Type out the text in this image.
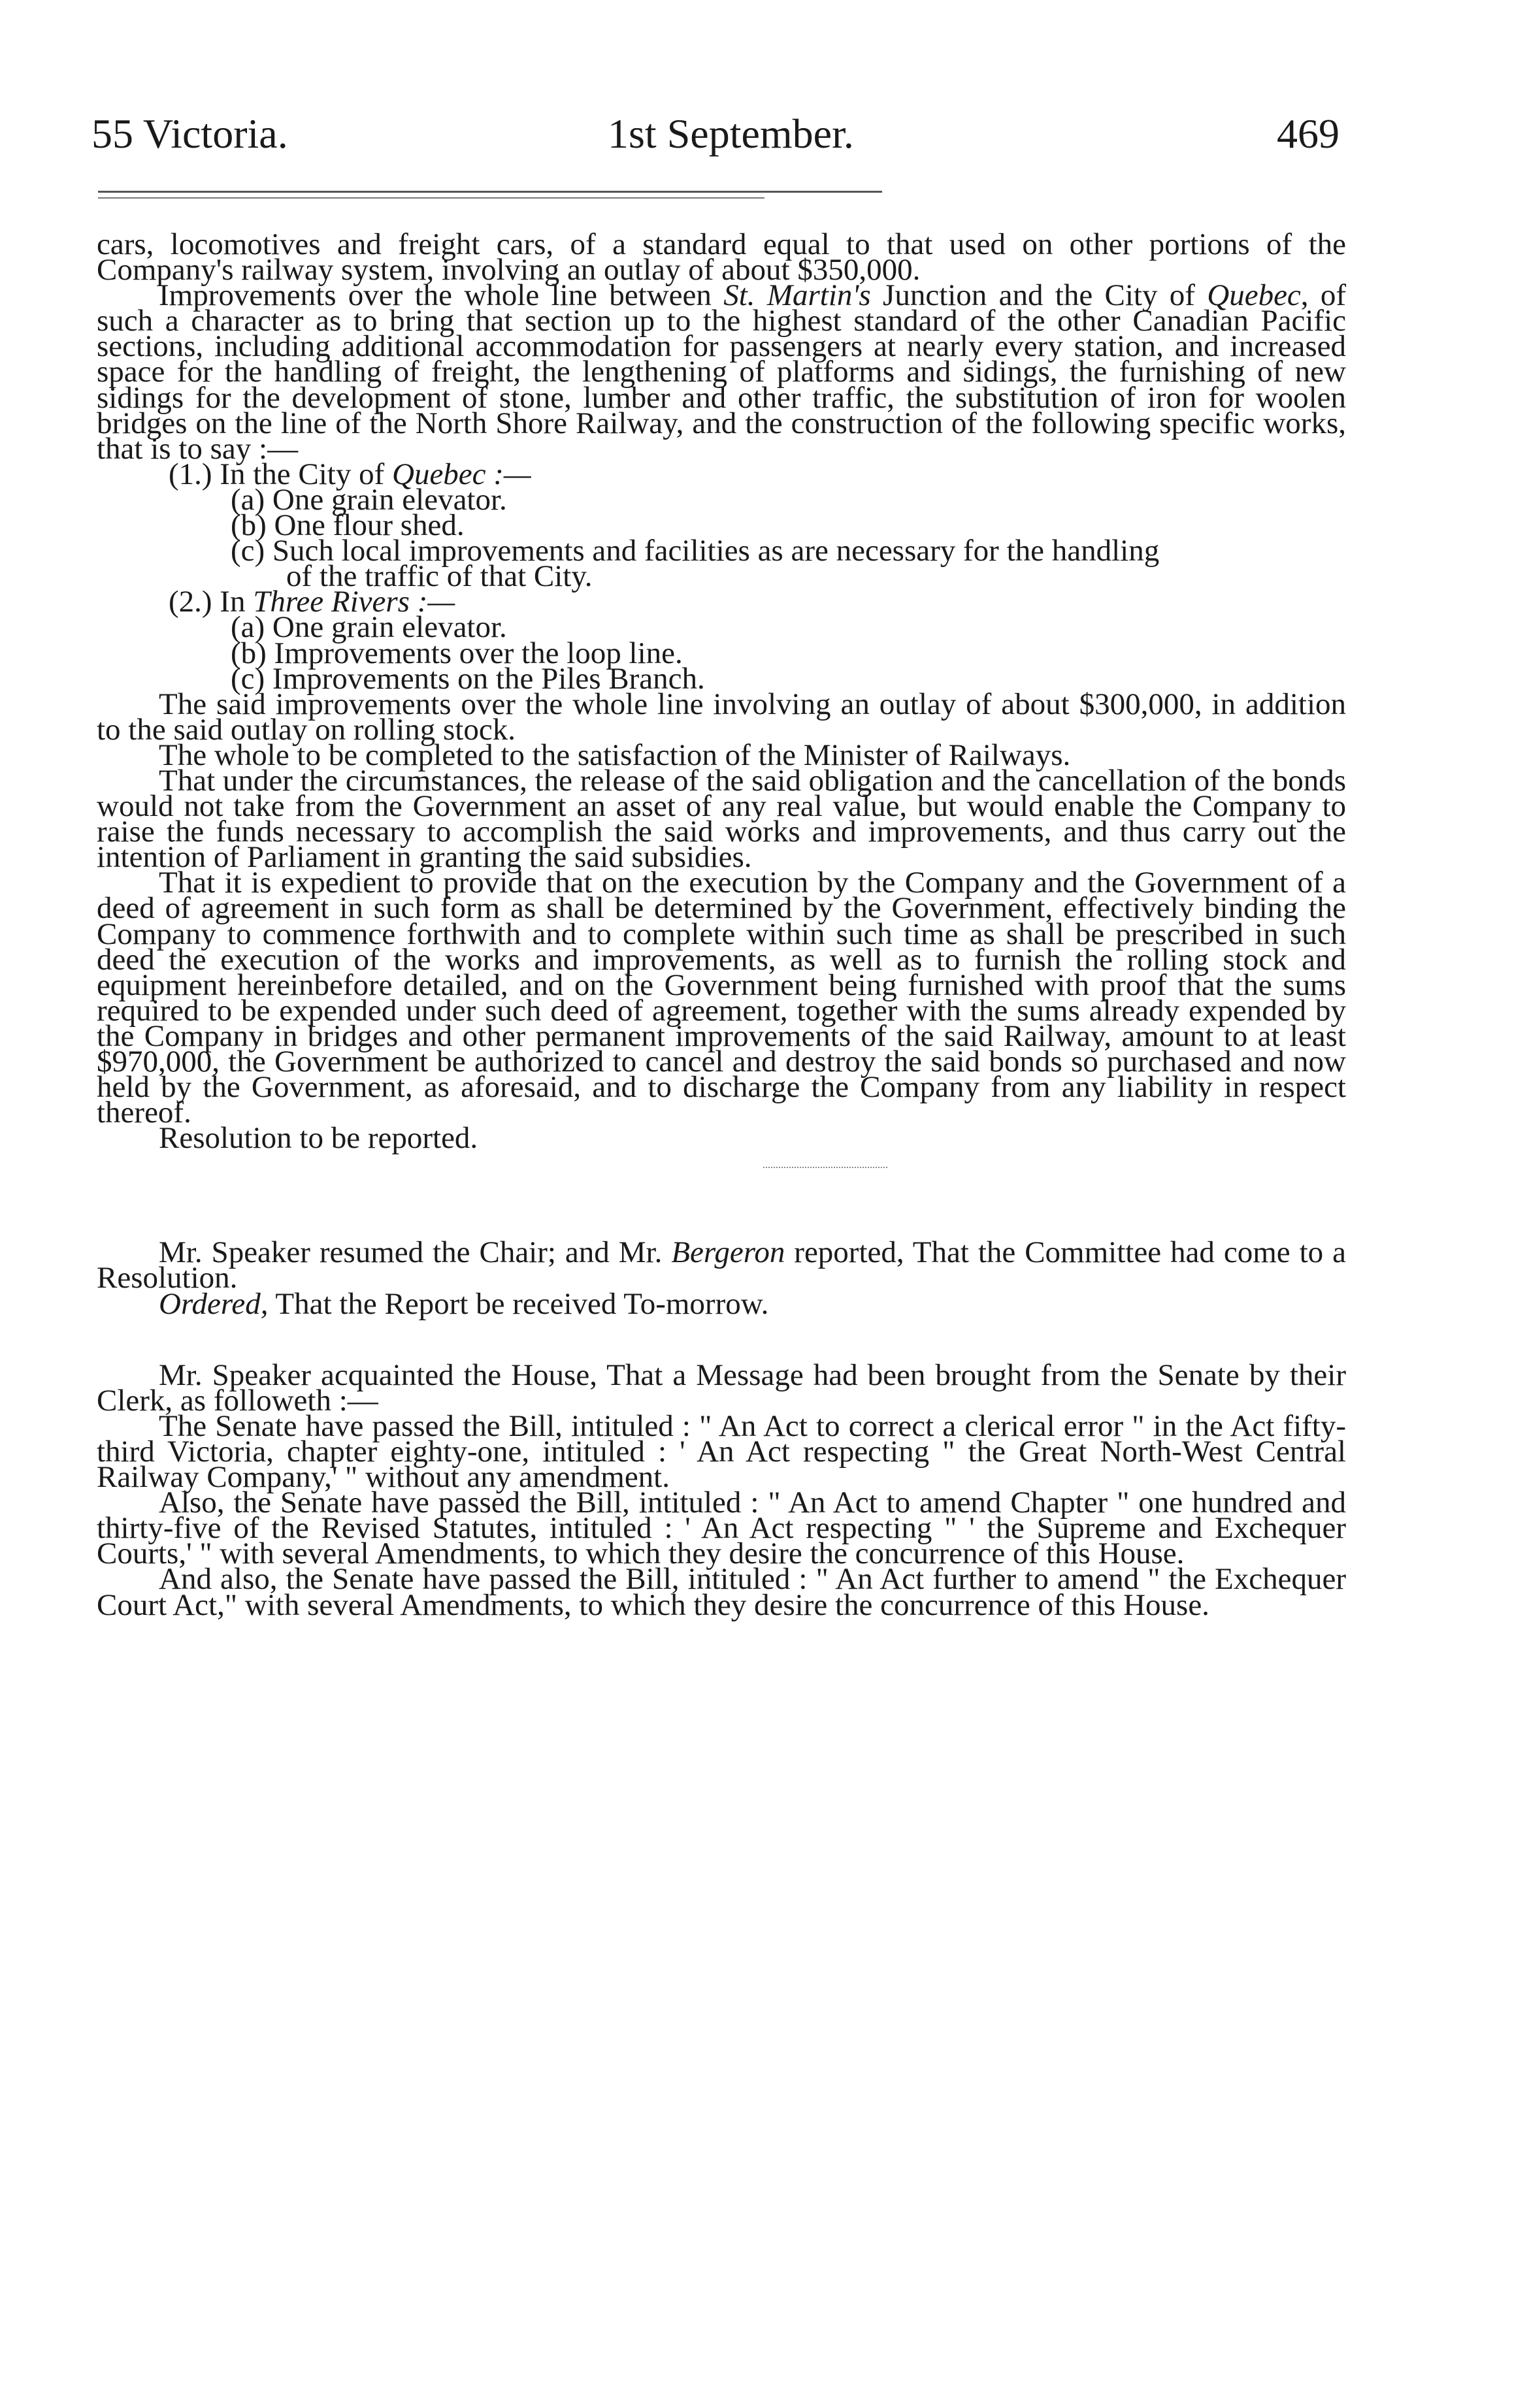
55 Victoria.	1st September.	469

cars, locomotives and freight cars, of a standard equal to that used on other portions of the Company's railway system, involving an outlay of about $350,000.

Improvements over the whole line between St. Martin's Junction and the City of Quebec, of such a character as to bring that section up to the highest standard of the other Canadian Pacific sections, including additional accommodation for passengers at nearly every station, and increased space for the handling of freight, the lengthening of platforms and sidings, the furnishing of new sidings for the development of stone, lumber and other traffic, the substitution of iron for woolen bridges on the line of the North Shore Railway, and the construction of the following specific works, that is to say :—

(1.) In the City of Quebec :—

(a) One grain elevator.

(b) One flour shed.

(c) Such local improvements and facilities as are necessary for the handling
of the traffic of that City.

(2.) In Three Rivers :—

(a) One grain elevator.

(b) Improvements over the loop line.

(c) Improvements on the Piles Branch.

The said improvements over the whole line involving an outlay of about $300,000, in addition to the said outlay on rolling stock.

The whole to be completed to the satisfaction of the Minister of Railways.

That under the circumstances, the release of the said obligation and the cancellation of the bonds would not take from the Government an asset of any real value, but would enable the Company to raise the funds necessary to accomplish the said works and improvements, and thus carry out the intention of Parliament in granting the said subsidies.

That it is expedient to provide that on the execution by the Company and the Government of a deed of agreement in such form as shall be determined by the Government, effectively binding the Company to commence forthwith and to complete within such time as shall be prescribed in such deed the execution of the works and improvements, as well as to furnish the rolling stock and equipment hereinbefore detailed, and on the Government being furnished with proof that the sums required to be expended under such deed of agreement, together with the sums already expended by the Company in bridges and other permanent improvements of the said Railway, amount to at least $970,000, the Government be authorized to cancel and destroy the said bonds so purchased and now held by the Government, as aforesaid, and to discharge the Company from any liability in respect thereof.

Resolution to be reported.

Mr. Speaker resumed the Chair; and Mr. Bergeron reported, That the Committee had come to a Resolution.

Ordered, That the Report be received To-morrow.

Mr. Speaker acquainted the House, That a Message had been brought from the Senate by their Clerk, as followeth :—

The Senate have passed the Bill, intituled : " An Act to correct a clerical error " in the Act fifty-third Victoria, chapter eighty-one, intituled : ' An Act respecting " the Great North-West Central Railway Company,' " without any amendment.

Also, the Senate have passed the Bill, intituled : " An Act to amend Chapter " one hundred and thirty-five of the Revised Statutes, intituled : ' An Act respecting " ' the Supreme and Exchequer Courts,' " with several Amendments, to which they desire the concurrence of this House.

And also, the Senate have passed the Bill, intituled : " An Act further to amend " the Exchequer Court Act," with several Amendments, to which they desire the concurrence of this House.
